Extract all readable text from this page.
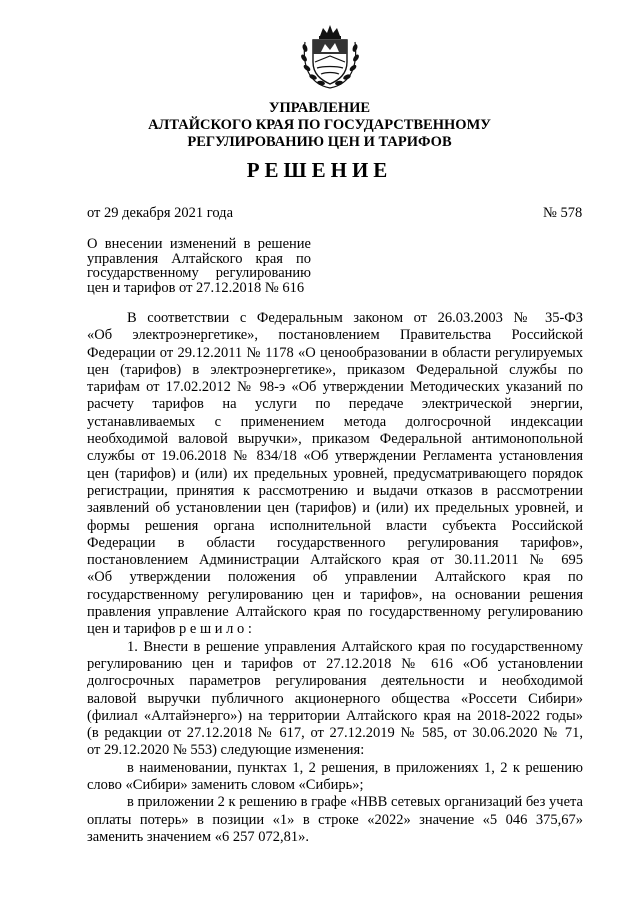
УПРАВЛЕНИЕ
АЛТАЙСКОГО КРАЯ ПО ГОСУДАРСТВЕННОМУ
РЕГУЛИРОВАНИЮ ЦЕН И ТАРИФОВ
РЕШЕНИЕ
от 29 декабря 2021 года	№ 578
О внесении изменений в решение
управления Алтайского края по
государственному регулированию
цен и тарифов от 27.12.2018 № 616
В соответствии с Федеральным законом от 26.03.2003 № 35-ФЗ
«Об электроэнергетике», постановлением Правительства Российской
Федерации от 29.12.2011 № 1178 «О ценообразовании в области регулируемых
цен (тарифов) в электроэнергетике», приказом Федеральной службы по
тарифам от 17.02.2012 № 98-э «Об утверждении Методических указаний по
расчету тарифов на услуги по передаче электрической энергии,
устанавливаемых с применением метода долгосрочной индексации
необходимой валовой выручки», приказом Федеральной антимонопольной
службы от 19.06.2018 № 834/18 «Об утверждении Регламента установления
цен (тарифов) и (или) их предельных уровней, предусматривающего порядок
регистрации, принятия к рассмотрению и выдачи отказов в рассмотрении
заявлений об установлении цен (тарифов) и (или) их предельных уровней, и
формы решения органа исполнительной власти субъекта Российской
Федерации в области государственного регулирования тарифов»,
постановлением Администрации Алтайского края от 30.11.2011 № 695
«Об утверждении положения об управлении Алтайского края по
государственному регулированию цен и тарифов», на основании решения
правления управление Алтайского края по государственному регулированию
цен и тарифов р е ш и л о :
1. Внести в решение управления Алтайского края по государственному
регулированию цен и тарифов от 27.12.2018 № 616 «Об установлении
долгосрочных параметров регулирования деятельности и необходимой
валовой выручки публичного акционерного общества «Россети Сибири»
(филиал «Алтайэнерго») на территории Алтайского края на 2018-2022 годы»
(в редакции от 27.12.2018 № 617, от 27.12.2019 № 585, от 30.06.2020 № 71,
от 29.12.2020 № 553) следующие изменения:
в наименовании, пунктах 1, 2 решения, в приложениях 1, 2 к решению
слово «Сибири» заменить словом «Сибирь»;
в приложении 2 к решению в графе «НВВ сетевых организаций без учета
оплаты потерь» в позиции «1» в строке «2022» значение «5 046 375,67»
заменить значением «6 257 072,81».
